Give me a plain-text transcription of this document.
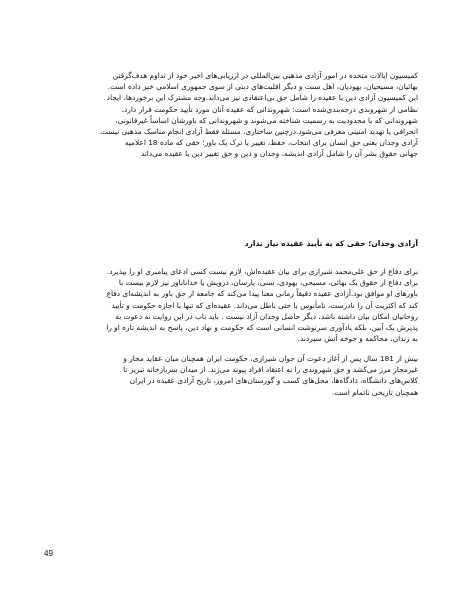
کمیسیون ایالات متحده در امور آزادی مذهبی بین‌المللی در ارزیابی‌های اخیر خود از تداوم هدف‌گرفتن
بهائیان، مسیحیان، یهودیان، اهل سنت و دیگر اقلیت‌های دینی از سوی جمهوری اسلامی خبر داده است.
این کمیسیون آزادی دین یا عقیده را شامل حق بی‌اعتقادی نیز می‌داند.وجه مشترک این برخوردها، ایجاد
نظامی از شهروندی درجه‌بندی‌شده است: شهروندانی که عقیده آنان مورد تأیید حکومت قرار دارد،
شهروندانی که با محدودیت به رسمیت شناخته می‌شوند و شهروندانی که باورشان اساساً غیرقانونی،
انحرافی یا تهدید امنیتی معرفی می‌شود.درچنین ساختاری، مسئله فقط آزادی انجام مناسک مذهبی نیست.
آزادی وجدان یعنی حق انسان برای انتخاب، حفظ، تغییر یا ترک یک باور؛ حقی که ماده 18 اعلامیه
جهانی حقوق بشر آن را شامل آزادی اندیشه، وجدان و دین و حق تغییر دین یا عقیده می‌داند

آزادی وجدان؛ حقی که به تأیید عقیده نیاز ندارد

برای دفاع از حق علی‌محمد شیرازی برای بیان عقیده‌اش، لازم نیست کسی ادعای پیامبری او را بپذیرد.
برای دفاع از حقوق یک بهائی، مسیحی، یهودی، سنی، یارسان، درویش یا خداناباور نیز لازم نیست با
باورهای او موافق بود.آزادی عقیده دقیقاً زمانی معنا پیدا می‌کند که جامعه از حق باور به اندیشه‌ای دفاع
کند که اکثریت آن را نادرست، نامأنوس یا حتی باطل می‌داند. عقیده‌ای که تنها با اجازه حکومت و تأیید
روحانیان امکان بیان داشته باشد، دیگر حاصل وجدان آزاد نیست . باید باب در این روایت نه دعوت به
پذیرش یک آیین، بلکه یادآوری سرنوشت انسانی است که حکومت و نهاد دین، پاسخ به اندیشه تازه او را
به زندان، محاکمه و جوخه آتش سپردند.

بیش از 181 سال پس از آغاز دعوت آن جوان شیرازی، حکومت ایران همچنان میان عقاید مجاز و
غیرمجاز مرز می‌کشد و حق شهروندی را به اعتقاد افراد پیوند می‌زند. از میدان سربازخانه تبریز تا
کلاس‌های دانشگاه، دادگاه‌ها، محل‌های کسب و گورستان‌های امروز، تاریخ آزادی عقیده در ایران
همچنان تاریخی ناتمام است.

49
